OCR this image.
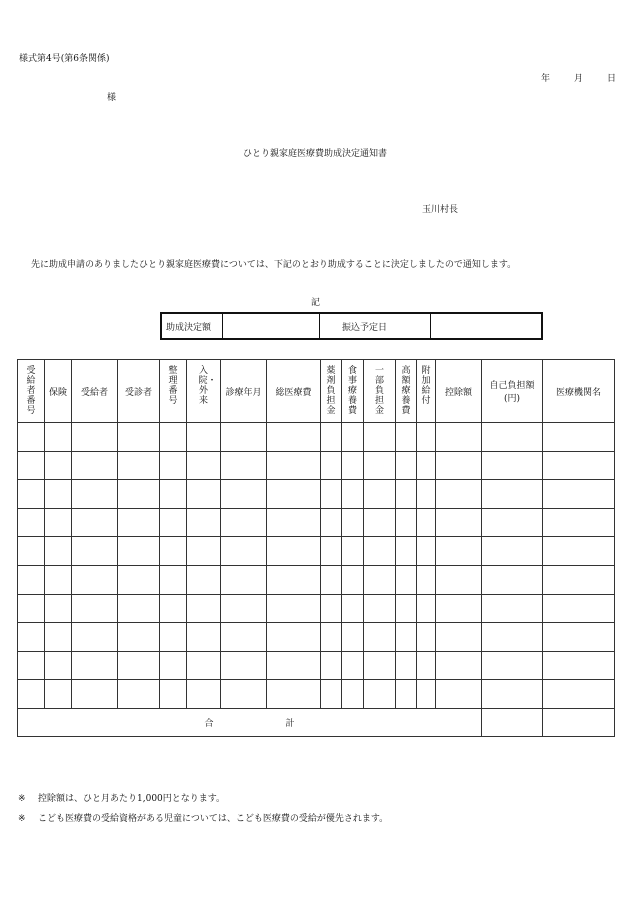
様式第4号(第6条関係)
年	月	日
様
ひとり親家庭医療費助成決定通知書
玉川村長
先に助成申請のありましたひとり親家庭医療費については、下記のとおり助成することに決定しましたので通知します。
記
助成決定額		振込予定日	
受給者番号	保険	受給者	受診者	整理番号	入院・外来	診療年月	総医療費	薬剤負担金	食事療養費	一部負担金	高額療養費	附加給付	控除額	自己負担額(円)	医療機関名

合 計															
※ 控除額は、ひと月あたり1,000円となります。
※ こども医療費の受給資格がある児童については、こども医療費の受給が優先されます。
